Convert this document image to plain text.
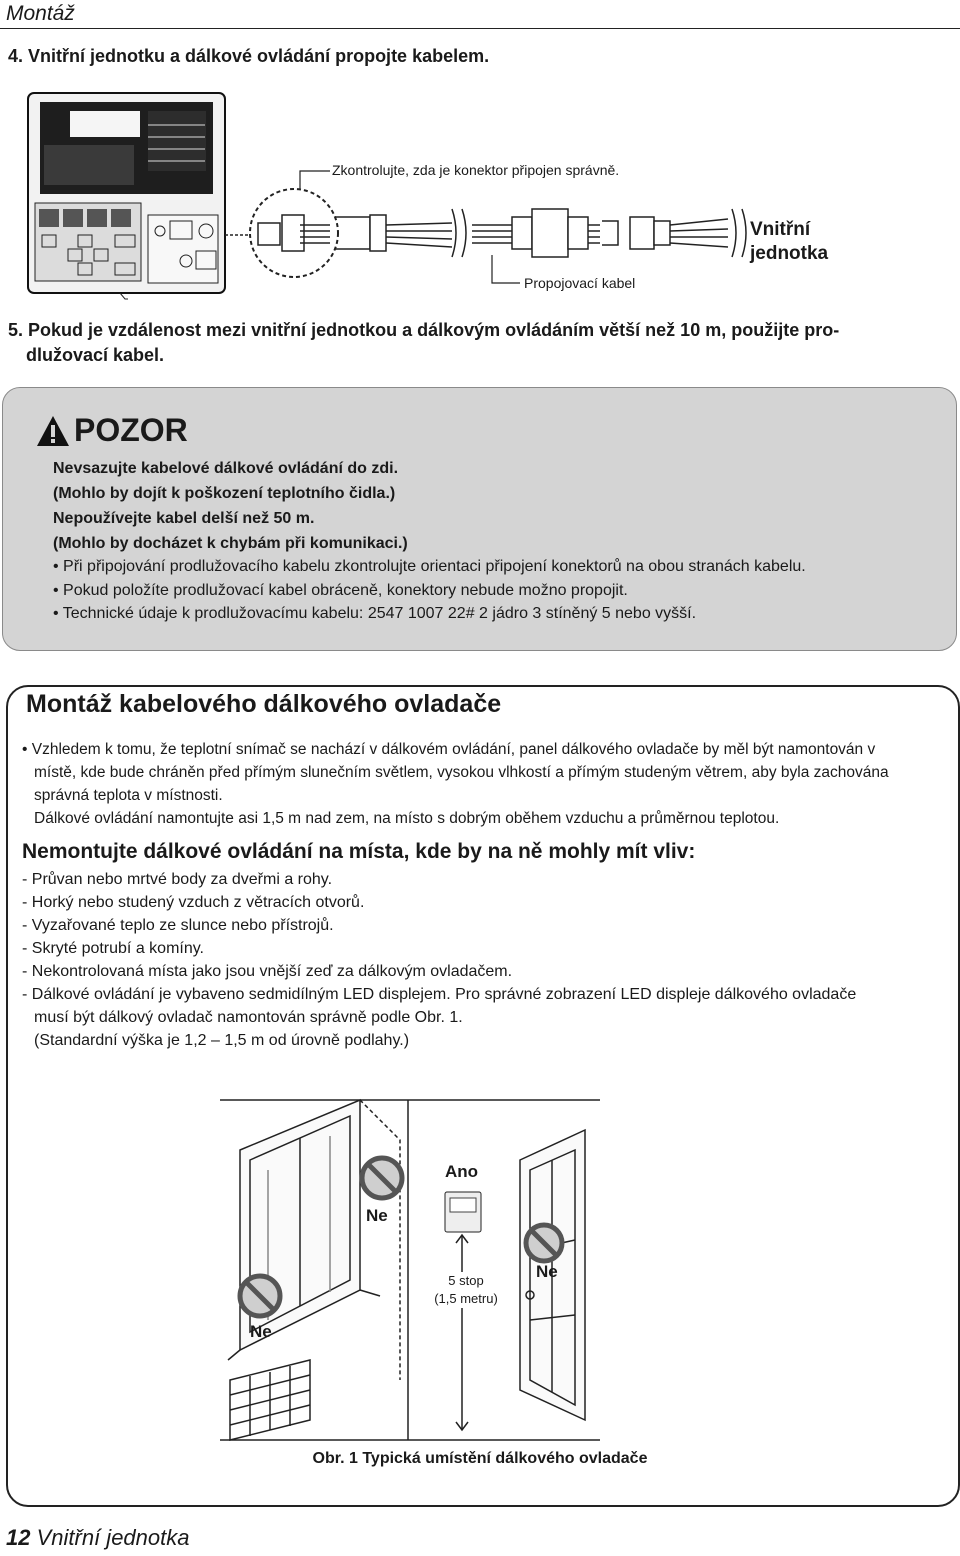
Montáž
4. Vnitřní jednotku a dálkové ovládání propojte kabelem.
Zkontrolujte, zda je konektor připojen správně.
Propojovací kabel
Vnitřní
jednotka
5. Pokud je vzdálenost mezi vnitřní jednotkou a dálkovým ovládáním větší než 10 m, použijte pro-
dlužovací kabel.
POZOR
Nevsazujte kabelové dálkové ovládání do zdi.
(Mohlo by dojít k poškození teplotního čidla.)
Nepoužívejte kabel delší než 50 m.
(Mohlo by docházet k chybám při komunikaci.)
• Při připojování prodlužovacího kabelu zkontrolujte orientaci připojení konektorů na obou stranách kabelu.
• Pokud položíte prodlužovací kabel obráceně, konektory nebude možno propojit.
• Technické údaje k prodlužovacímu kabelu: 2547 1007 22# 2 jádro 3 stíněný 5 nebo vyšší.
Montáž kabelového dálkového ovladače
• Vzhledem k tomu, že teplotní snímač se nachází v dálkovém ovládání, panel dálkového ovladače by měl být namontován v
místě, kde bude chráněn před přímým slunečním světlem, vysokou vlhkostí a přímým studeným větrem, aby byla zachována
správná teplota v místnosti.
Dálkové ovládání namontujte asi 1,5 m nad zem, na místo s dobrým oběhem vzduchu a průměrnou teplotou.
Nemontujte dálkové ovládání na místa, kde by na ně mohly mít vliv:
- Průvan nebo mrtvé body za dveřmi a rohy.
- Horký nebo studený vzduch z větracích otvorů.
- Vyzařované teplo ze slunce nebo přístrojů.
- Skryté potrubí a komíny.
- Nekontrolovaná místa jako jsou vnější zeď za dálkovým ovladačem.
- Dálkové ovládání je vybaveno sedmidílným LED displejem. Pro správné zobrazení LED displeje dálkového ovladače
musí být dálkový ovladač namontován správně podle Obr. 1.
(Standardní výška je 1,2 – 1,5 m od úrovně podlahy.)
Ano
Ne
Ne
Ne
5 stop
(1,5 metru)
Obr. 1 Typická umístění dálkového ovladače
12 Vnitřní jednotka
